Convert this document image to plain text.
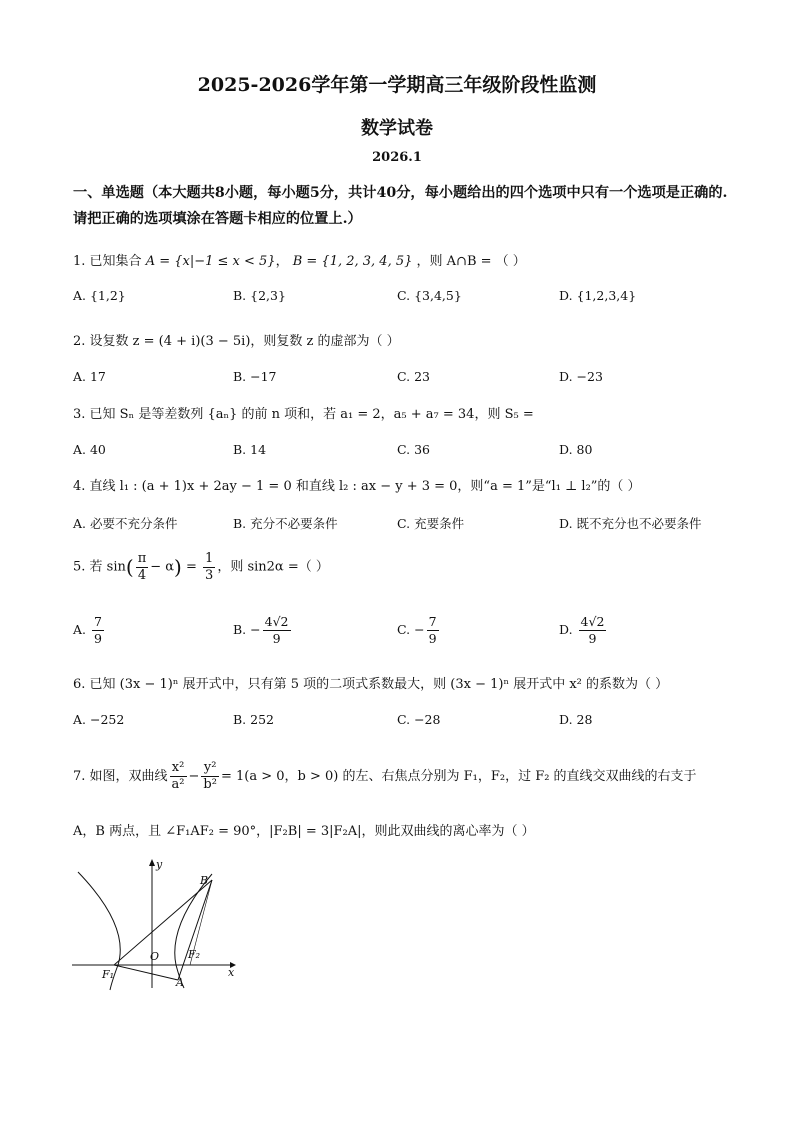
2025-2026学年第一学期高三年级阶段性监测
数学试卷
2026.1
一、单选题（本大题共8小题，每小题5分，共计40分，每小题给出的四个选项中只有一个选项是正确的.请把正确的选项填涂在答题卡相应的位置上.）
1. 已知集合 A = {x|−1 ≤ x < 5}， B = {1, 2, 3, 4, 5} ，则 A∩B = （ ）
A. {1,2}	B. {2,3}	C. {3,4,5}	D. {1,2,3,4}
2. 设复数 z = (4 + i)(3 − 5i)，则复数 z 的虚部为（ ）
A. 17	B. −17	C. 23	D. −23
3. 已知 Sₙ 是等差数列 {aₙ} 的前 n 项和，若 a₁ = 2，a₅ + a₇ = 34，则 S₅ =
A. 40	B. 14	C. 36	D. 80
4. 直线 l₁ : (a + 1)x + 2ay − 1 = 0 和直线 l₂ : ax − y + 3 = 0，则“a = 1”是“l₁ ⊥ l₂”的（ ）
A. 必要不充分条件	B. 充分不必要条件	C. 充要条件	D. 既不充分也不必要条件
5. 若 $\sin( \frac{\pi}{4} - \alpha) = \frac{1}{3}$ ，则 sin2α =（ ）
A. $\frac{7}{9}$	B. − $\frac{4√2}{9}$	C. − $\frac{7}{9}$	D. $\frac{4√2}{9}$
6. 已知 (3x − 1)ⁿ 展开式中，只有第 5 项的二项式系数最大，则 (3x − 1)ⁿ 展开式中 x² 的系数为（ ）
A. −252	B. 252	C. −28	D. 28
7. 如图，双曲线 $\frac{\text{x²}}{\text{a²}} - \frac{\text{y²}}{\text{b²}} = 1(a > 0$，b > 0) 的左、右焦点分别为 F₁，F₂，过 F₂ 的直线交双曲线的右支于
A，B 两点，且 ∠F₁AF₂ = 90°，|F₂B| = 3|F₂A|，则此双曲线的离心率为（ ）
y
x
O
B
A
F₁
F₂
